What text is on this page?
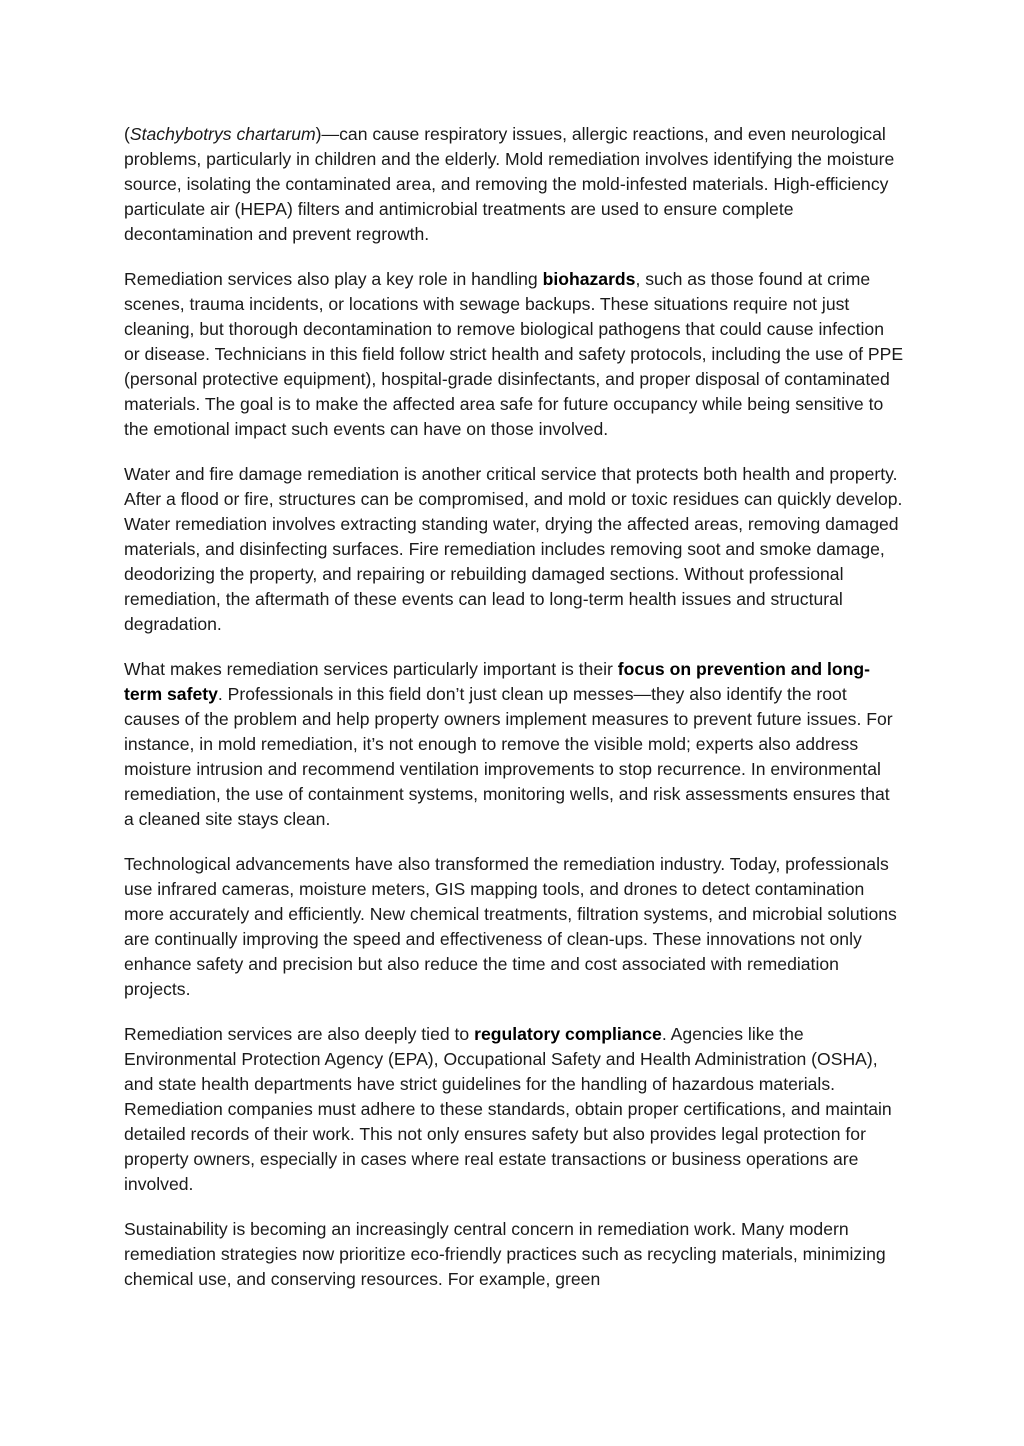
(Stachybotrys chartarum)—can cause respiratory issues, allergic reactions, and even neurological problems, particularly in children and the elderly. Mold remediation involves identifying the moisture source, isolating the contaminated area, and removing the mold-infested materials. High-efficiency particulate air (HEPA) filters and antimicrobial treatments are used to ensure complete decontamination and prevent regrowth.

Remediation services also play a key role in handling biohazards, such as those found at crime scenes, trauma incidents, or locations with sewage backups. These situations require not just cleaning, but thorough decontamination to remove biological pathogens that could cause infection or disease. Technicians in this field follow strict health and safety protocols, including the use of PPE (personal protective equipment), hospital-grade disinfectants, and proper disposal of contaminated materials. The goal is to make the affected area safe for future occupancy while being sensitive to the emotional impact such events can have on those involved.

Water and fire damage remediation is another critical service that protects both health and property. After a flood or fire, structures can be compromised, and mold or toxic residues can quickly develop. Water remediation involves extracting standing water, drying the affected areas, removing damaged materials, and disinfecting surfaces. Fire remediation includes removing soot and smoke damage, deodorizing the property, and repairing or rebuilding damaged sections. Without professional remediation, the aftermath of these events can lead to long-term health issues and structural degradation.

What makes remediation services particularly important is their focus on prevention and long-term safety. Professionals in this field don’t just clean up messes—they also identify the root causes of the problem and help property owners implement measures to prevent future issues. For instance, in mold remediation, it’s not enough to remove the visible mold; experts also address moisture intrusion and recommend ventilation improvements to stop recurrence. In environmental remediation, the use of containment systems, monitoring wells, and risk assessments ensures that a cleaned site stays clean.

Technological advancements have also transformed the remediation industry. Today, professionals use infrared cameras, moisture meters, GIS mapping tools, and drones to detect contamination more accurately and efficiently. New chemical treatments, filtration systems, and microbial solutions are continually improving the speed and effectiveness of clean-ups. These innovations not only enhance safety and precision but also reduce the time and cost associated with remediation projects.

Remediation services are also deeply tied to regulatory compliance. Agencies like the Environmental Protection Agency (EPA), Occupational Safety and Health Administration (OSHA), and state health departments have strict guidelines for the handling of hazardous materials. Remediation companies must adhere to these standards, obtain proper certifications, and maintain detailed records of their work. This not only ensures safety but also provides legal protection for property owners, especially in cases where real estate transactions or business operations are involved.

Sustainability is becoming an increasingly central concern in remediation work. Many modern remediation strategies now prioritize eco-friendly practices such as recycling materials, minimizing chemical use, and conserving resources. For example, green
